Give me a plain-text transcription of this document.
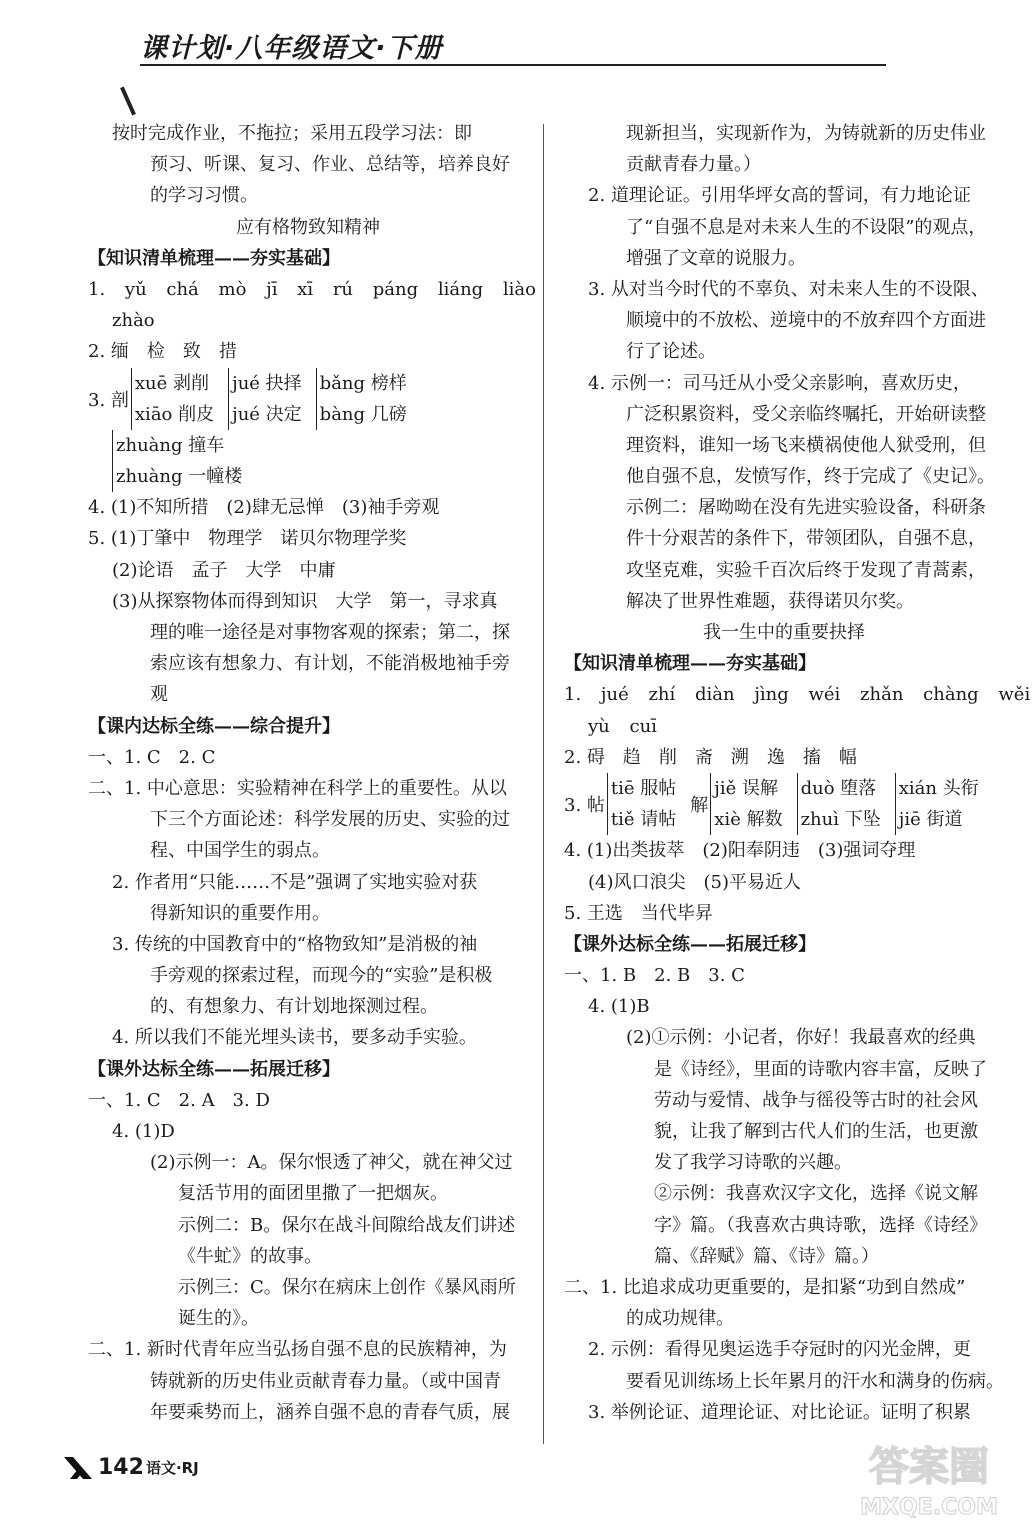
课计划·八年级语文·下册
按时完成作业，不拖拉；采用五段学习法：即
预习、听课、复习、作业、总结等，培养良好
的学习习惯。
应有格物致知精神
【知识清单梳理——夯实基础】
1. yǔ chá mò jī xī rú páng liáng liào
zhào
2. 缅　检　致　措
3. 剖
xuē 剥削
xiāo 削皮
jué 抉择
jué 决定
bǎng 榜样
bàng 几磅
zhuàng 撞车
zhuàng 一幢楼
4. (1)不知所措　(2)肆无忌惮　(3)袖手旁观
5. (1)丁肇中　物理学　诺贝尔物理学奖
(2)论语　孟子　大学　中庸
(3)从探察物体而得到知识　大学　第一，寻求真
理的唯一途径是对事物客观的探索；第二，探
索应该有想象力、有计划，不能消极地袖手旁
观
【课内达标全练——综合提升】
一、1. C　2. C
二、1. 中心意思：实验精神在科学上的重要性。从以
下三个方面论述：科学发展的历史、实验的过
程、中国学生的弱点。
2. 作者用“只能……不是”强调了实地实验对获
得新知识的重要作用。
3. 传统的中国教育中的“格物致知”是消极的袖
手旁观的探索过程，而现今的“实验”是积极
的、有想象力、有计划地探测过程。
4. 所以我们不能光埋头读书，要多动手实验。
【课外达标全练——拓展迁移】
一、1. C　2. A　3. D
4. (1)D
(2)示例一：A。保尔恨透了神父，就在神父过
复活节用的面团里撒了一把烟灰。
示例二：B。保尔在战斗间隙给战友们讲述
《牛虻》的故事。
示例三：C。保尔在病床上创作《暴风雨所
诞生的》。
二、1. 新时代青年应当弘扬自强不息的民族精神，为
铸就新的历史伟业贡献青春力量。（或中国青
年要乘势而上，涵养自强不息的青春气质，展
现新担当，实现新作为，为铸就新的历史伟业
贡献青春力量。）
2. 道理论证。引用华坪女高的誓词，有力地论证
了“自强不息是对未来人生的不设限”的观点，
增强了文章的说服力。
3. 从对当今时代的不辜负、对未来人生的不设限、
顺境中的不放松、逆境中的不放弃四个方面进
行了论述。
4. 示例一：司马迁从小受父亲影响，喜欢历史，
广泛积累资料，受父亲临终嘱托，开始研读整
理资料，谁知一场飞来横祸使他人狱受刑，但
他自强不息，发愤写作，终于完成了《史记》。
示例二：屠呦呦在没有先进实验设备，科研条
件十分艰苦的条件下，带领团队，自强不息，
攻坚克难，实验千百次后终于发现了青蒿素，
解决了世界性难题，获得诺贝尔奖。
我一生中的重要抉择
【知识清单梳理——夯实基础】
1. jué zhí diàn jìng wéi zhǎn chàng wěi
yù cuī
2. 碍　趋　削　斋　溯　逸　搐　幅
3. 帖
tiē 服帖
tiě 请帖
解
jiě 误解
xiè 解数
duò 堕落
zhuì 下坠
xián 头衔
jiē 街道
4. (1)出类拔萃　(2)阳奉阴违　(3)强词夺理
(4)风口浪尖　(5)平易近人
5. 王选　当代毕昇
【课外达标全练——拓展迁移】
一、1. B　2. B　3. C
4. (1)B
(2)①示例：小记者，你好！我最喜欢的经典
是《诗经》，里面的诗歌内容丰富，反映了
劳动与爱情、战争与徭役等古时的社会风
貌，让我了解到古代人们的生活，也更激
发了我学习诗歌的兴趣。
②示例：我喜欢汉字文化，选择《说文解
字》篇。（我喜欢古典诗歌，选择《诗经》
篇、《辞赋》篇、《诗》篇。）
二、1. 比追求成功更重要的，是扣紧“功到自然成”
的成功规律。
2. 示例：看得见奥运选手夺冠时的闪光金牌，更
要看见训练场上长年累月的汗水和满身的伤病。
3. 举例论证、道理论证、对比论证。证明了积累
142 语文·RJ	答案圈
MXQE.COM
